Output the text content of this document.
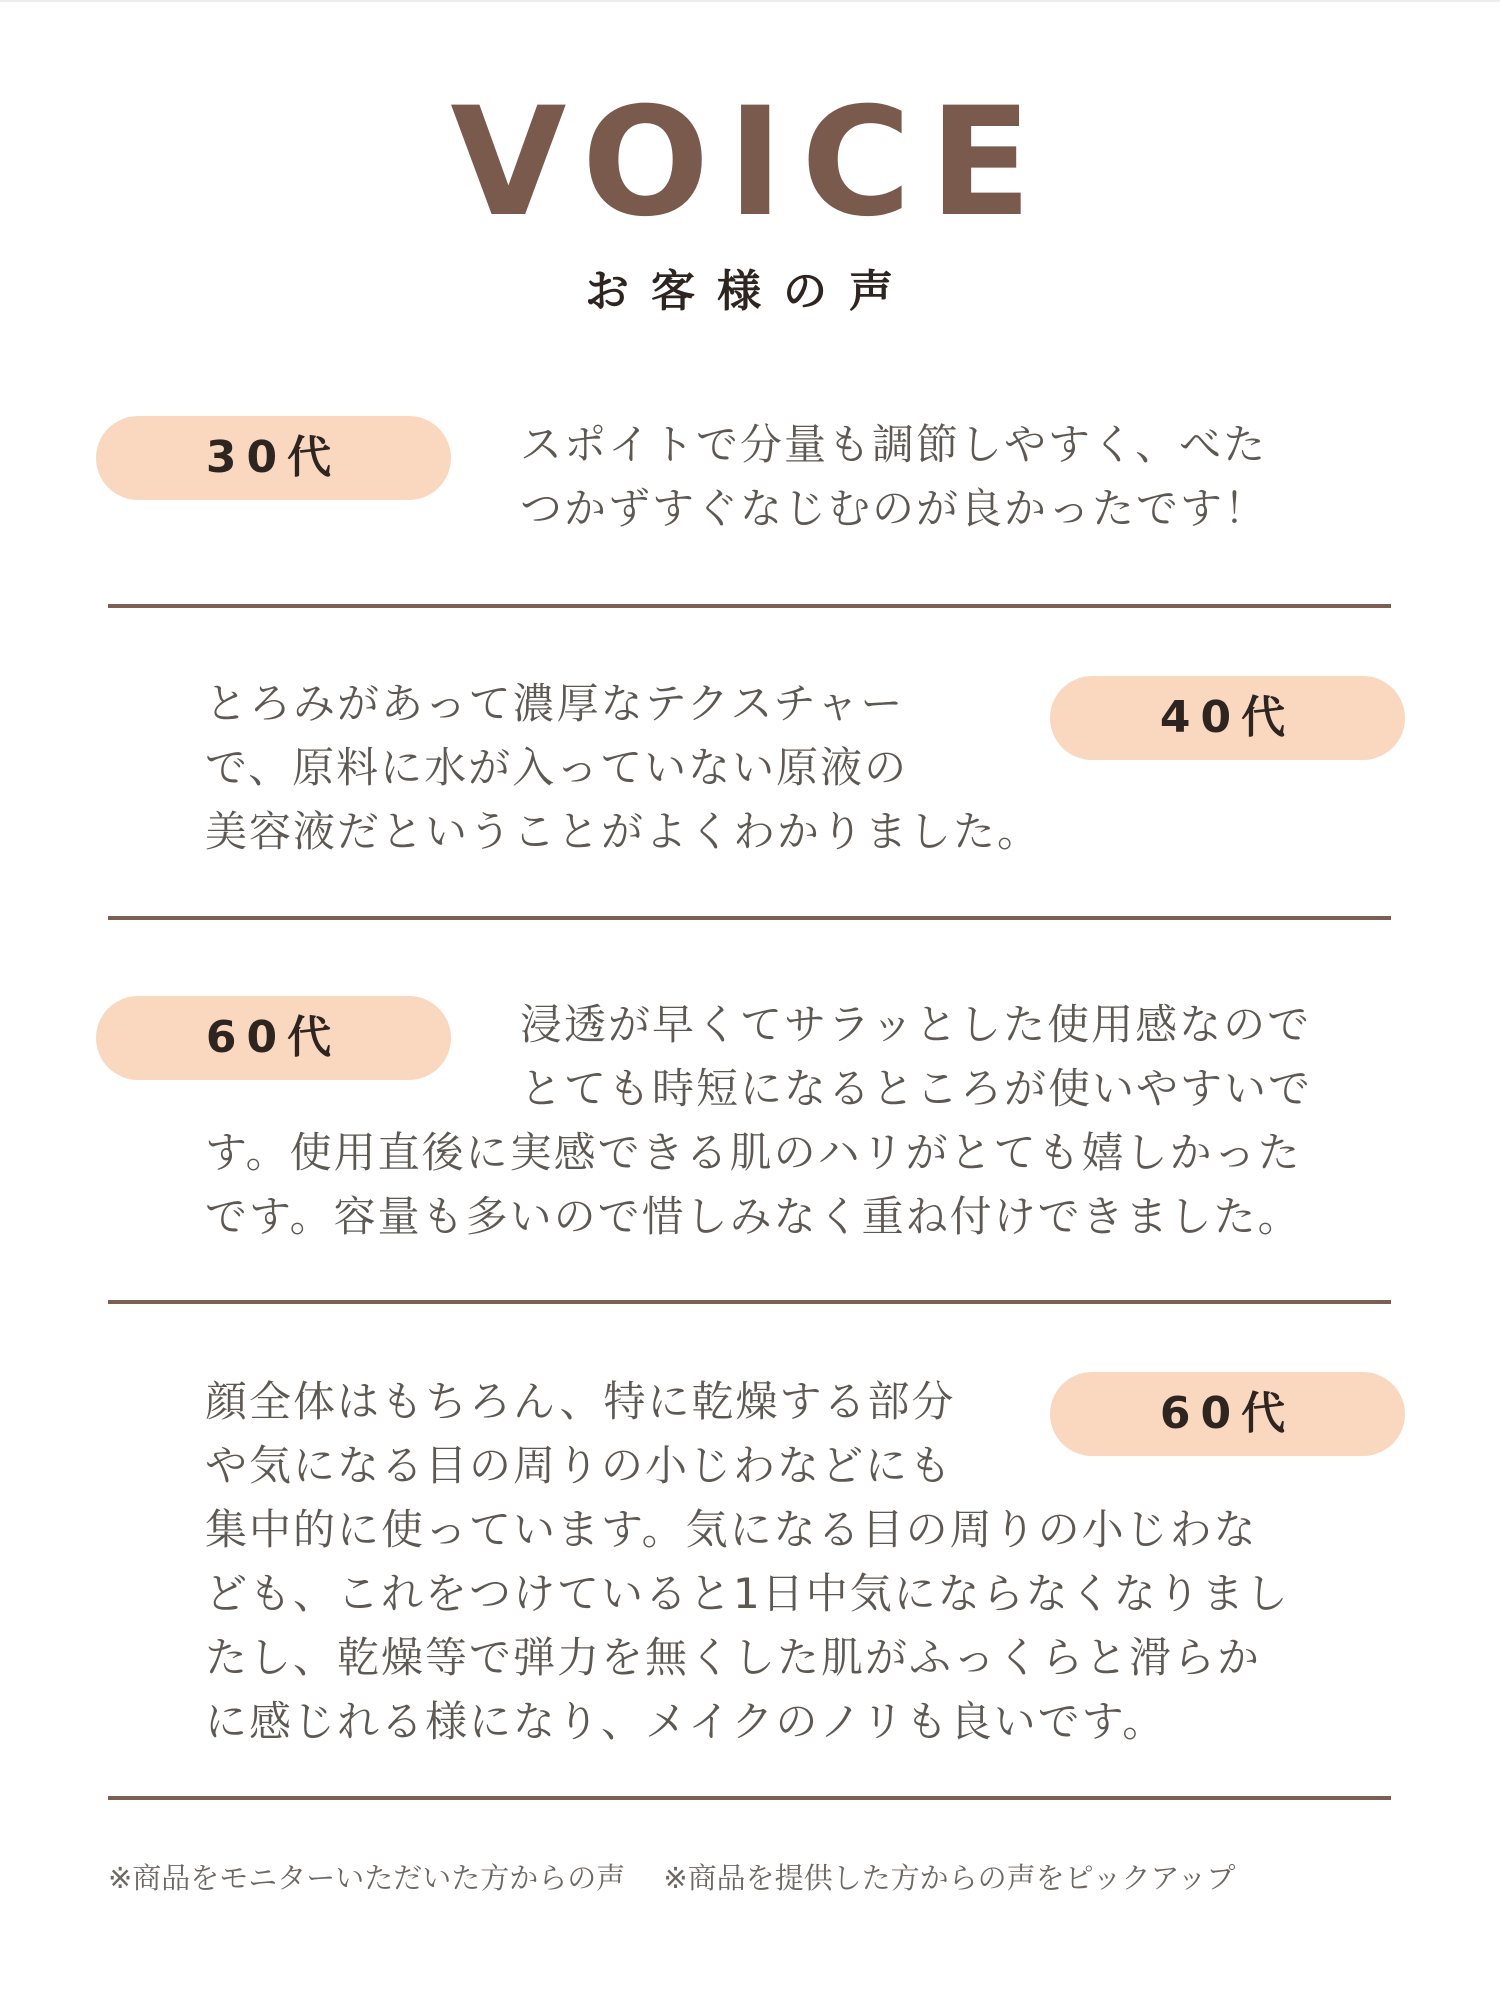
VOICE
お客様の声
30代	スポイトで分量も調節しやすく、べた
つかずすぐなじむのが良かったです！
とろみがあって濃厚なテクスチャー
で、原料に水が入っていない原液の
美容液だということがよくわかりました。
40代
60代	浸透が早くてサラッとした使用感なので
とても時短になるところが使いやすいで
す。使用直後に実感できる肌のハリがとても嬉しかった
です。容量も多いので惜しみなく重ね付けできました。
顔全体はもちろん、特に乾燥する部分
や気になる目の周りの小じわなどにも
集中的に使っています。気になる目の周りの小じわな
ども、これをつけていると1日中気にならなくなりまし
たし、乾燥等で弾力を無くした肌がふっくらと滑らか
に感じれる様になり、メイクのノリも良いです。
60代
※商品をモニターいただいた方からの声 ※商品を提供した方からの声をピックアップ
